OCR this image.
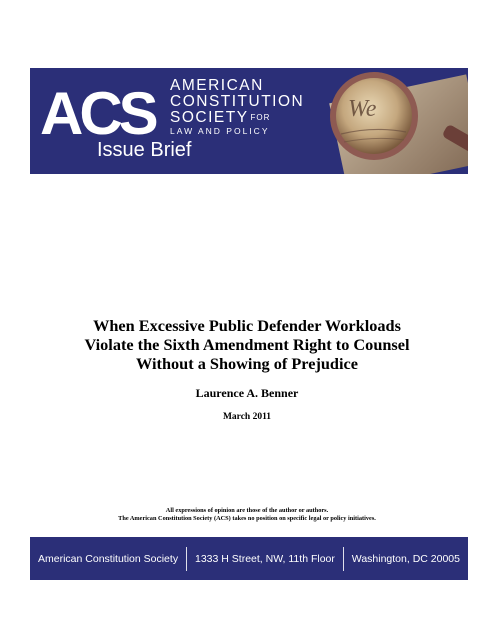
ACS AMERICAN
CONSTITUTION
SOCIETY $^{FOR}$
LAW AND POLICY
Issue Brief
We
When Excessive Public Defender Workloads
Violate the Sixth Amendment Right to Counsel
Without a Showing of Prejudice
Laurence A. Benner
March 2011
All expressions of opinion are those of the author or authors.
The American Constitution Society (ACS) takes no position on specific legal or policy initiatives.
American Constitution Society	1333 H Street, NW, 11th Floor	Washington, DC 20005
